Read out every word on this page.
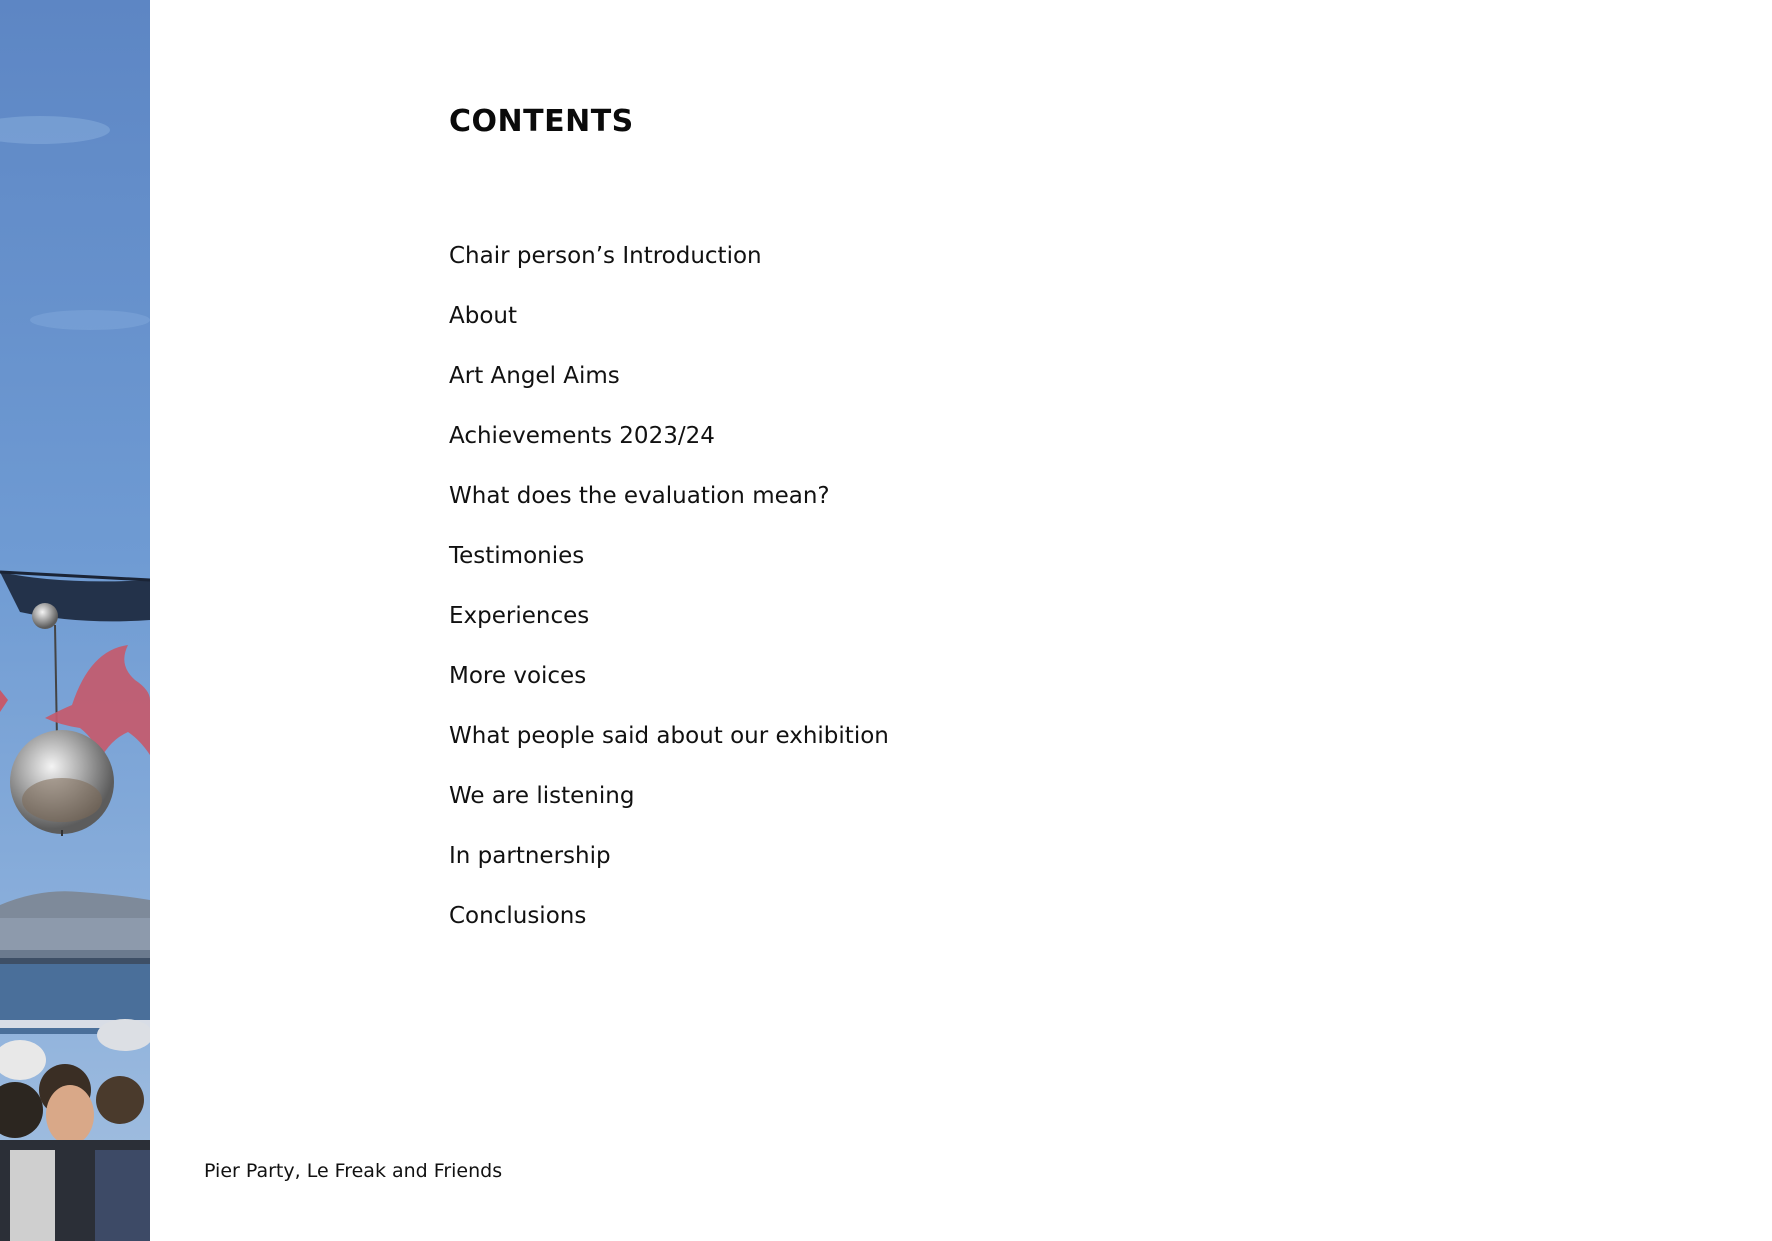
CONTENTS
Chair person’s Introduction
About
Art Angel Aims
Achievements 2023/24
What does the evaluation mean?
Testimonies
Experiences
More voices
What people said about our exhibition
We are listening
In partnership
Conclusions
Pier Party, Le Freak and Friends
